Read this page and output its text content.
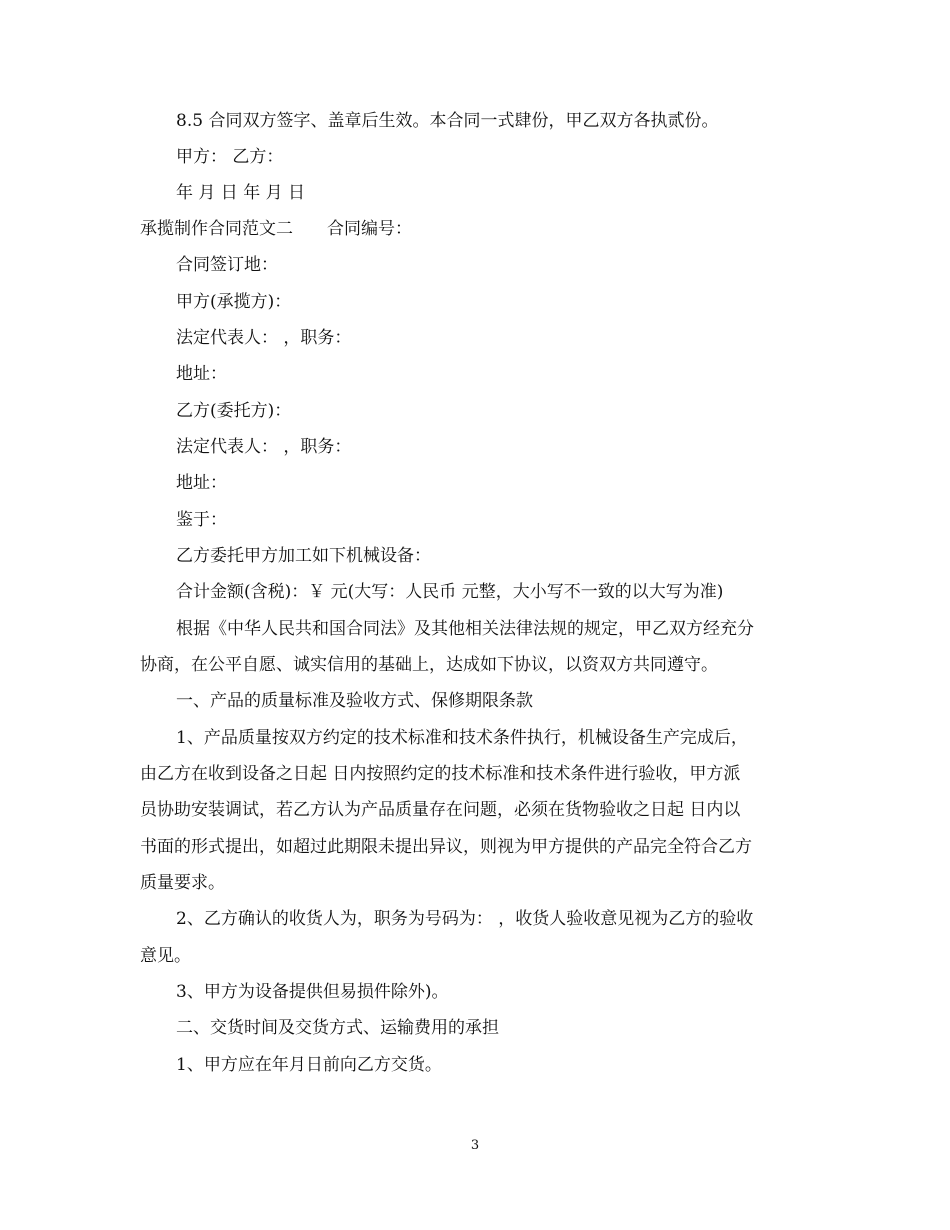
8.5 合同双方签字、盖章后生效。本合同一式肆份，甲乙双方各执贰份。
甲方： 乙方：
年 月 日 年 月 日
承揽制作合同范文二　　合同编号：
合同签订地：
甲方(承揽方)：
法定代表人： ，职务：
地址：
乙方(委托方)：
法定代表人： ，职务：
地址：
鉴于：
乙方委托甲方加工如下机械设备：
合计金额(含税)：￥ 元(大写：人民币 元整，大小写不一致的以大写为准)
根据《中华人民共和国合同法》及其他相关法律法规的规定，甲乙双方经充分
协商，在公平自愿、诚实信用的基础上，达成如下协议，以资双方共同遵守。
一、产品的质量标准及验收方式、保修期限条款
1、产品质量按双方约定的技术标准和技术条件执行，机械设备生产完成后，
由乙方在收到设备之日起 日内按照约定的技术标准和技术条件进行验收，甲方派
员协助安装调试，若乙方认为产品质量存在问题，必须在货物验收之日起 日内以
书面的形式提出，如超过此期限未提出异议，则视为甲方提供的产品完全符合乙方
质量要求。
2、乙方确认的收货人为，职务为号码为： ，收货人验收意见视为乙方的验收
意见。
3、甲方为设备提供但易损件除外)。
二、交货时间及交货方式、运输费用的承担
1、甲方应在年月日前向乙方交货。
3
